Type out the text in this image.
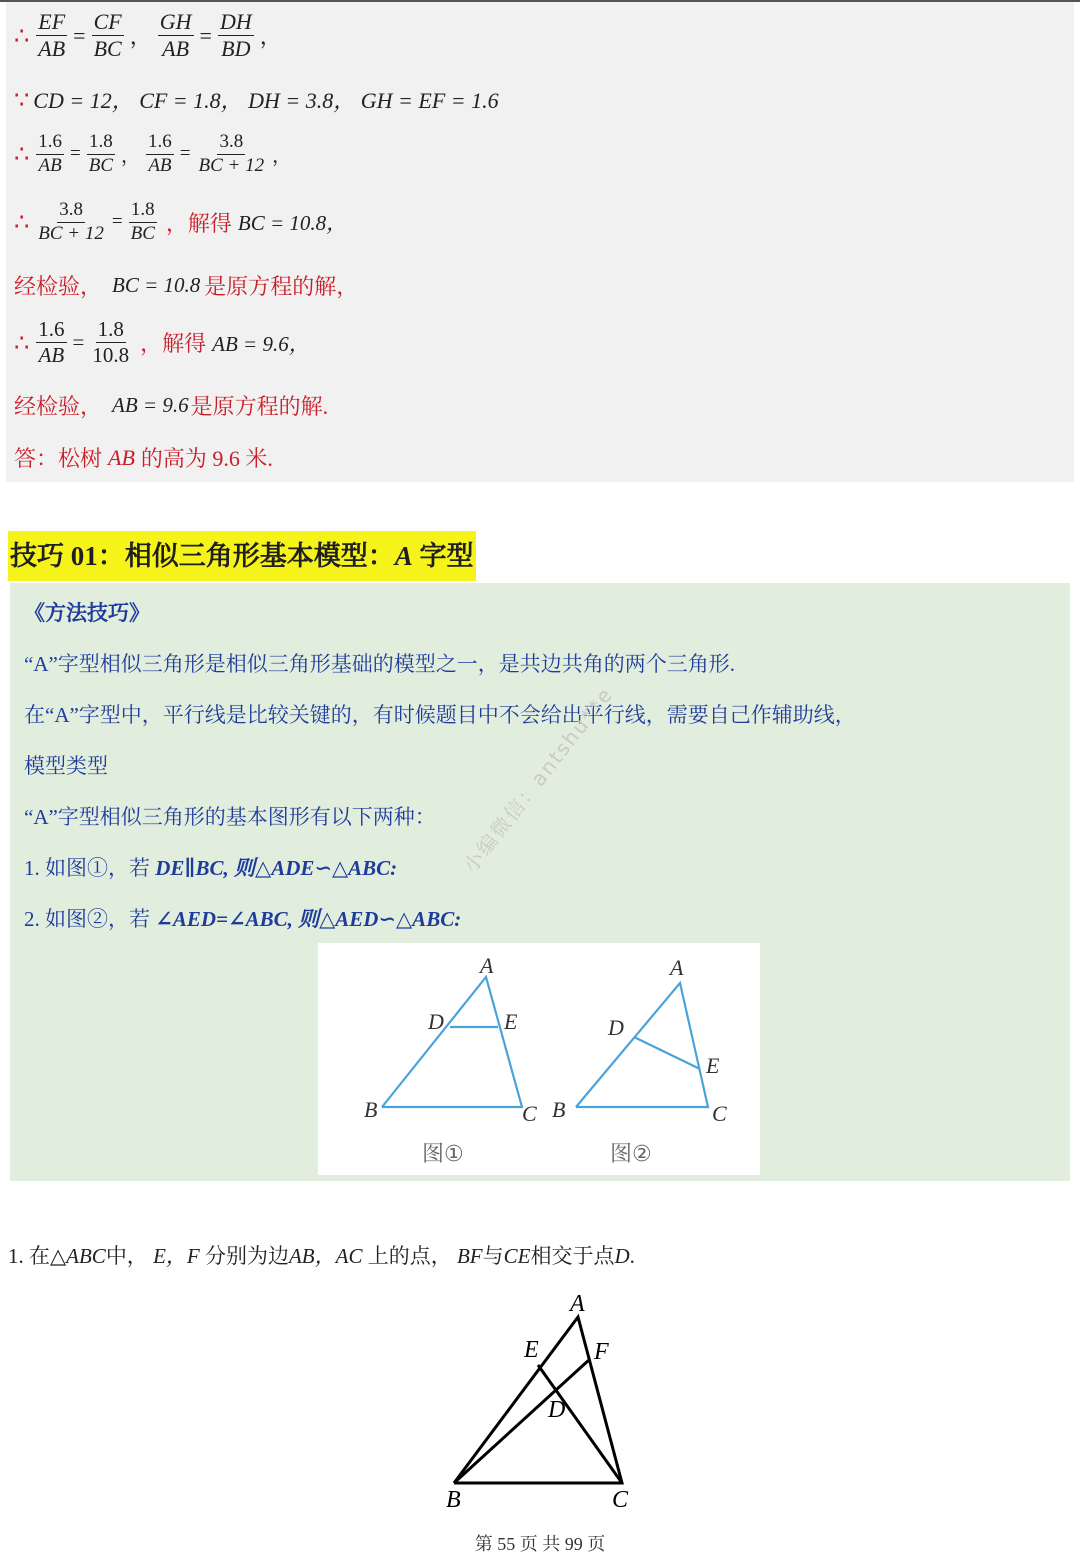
∴ $\frac{EF}{AB} = \frac{CF}{BC}$ ， $\frac{GH}{AB} = \frac{DH}{BD}$ ，
∵ CD = 12， CF = 1.8， DH = 3.8， GH = EF = 1.6
∴ $\frac{1.6}{AB} = \frac{1.8}{BC}$ ， $\frac{1.6}{AB} = \frac{3.8}{BC + 12}$ ，
∴ $\frac{3.8}{BC + 12} = \frac{1.8}{BC}$ ， 解得 BC = 10.8，
经检验， BC = 10.8 是原方程的解，
∴ $\frac{1.6}{AB} = \frac{1.8}{10.8}$ ， 解得 AB = 9.6，
经检验， AB = 9.6 是原方程的解.
答：松树 AB 的高为 9.6 米.
技巧 01：相似三角形基本模型：A 字型
《方法技巧》
“A”字型相似三角形是相似三角形基础的模型之一，是共边共角的两个三角形.
在“A”字型中，平行线是比较关键的，有时候题目中不会给出平行线，需要自己作辅助线，
模型类型
“A”字型相似三角形的基本图形有以下两种：
1. 如图①，若 DE∥BC, 则△ADE∽△ABC:
2. 如图②，若 ∠AED=∠ABC, 则△AED∽△ABC:
A
D	E
B	C
A
D
E
B	C
图①	图②
小编微信：antshu**e
1. 在△ABC中， E，F 分别为边AB，AC 上的点， BF与CE相交于点D.
A
E F
D
B	C
第 55 页 共 99 页
